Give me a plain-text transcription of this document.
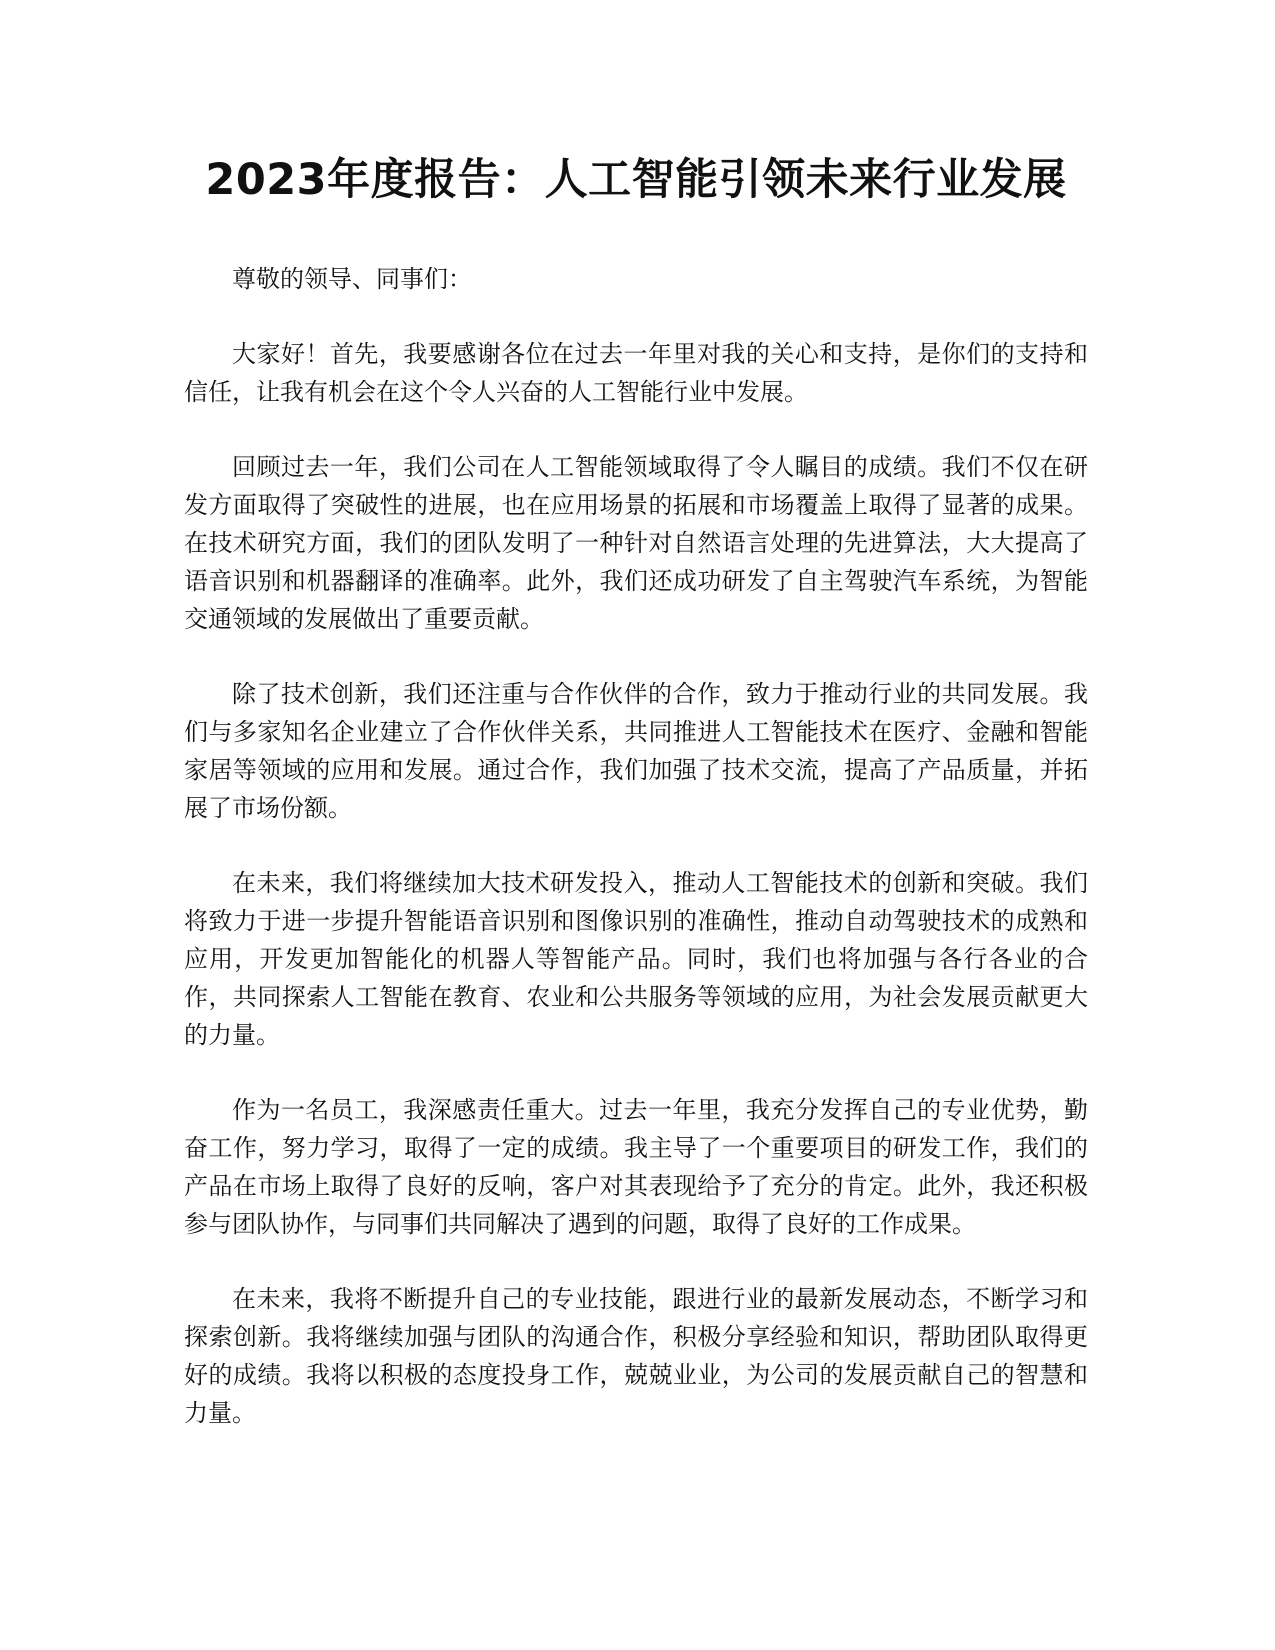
2023年度报告：人工智能引领未来行业发展

尊敬的领导、同事们：

大家好！首先，我要感谢各位在过去一年里对我的关心和支持，是你们的支持和信任，让我有机会在这个令人兴奋的人工智能行业中发展。

回顾过去一年，我们公司在人工智能领域取得了令人瞩目的成绩。我们不仅在研发方面取得了突破性的进展，也在应用场景的拓展和市场覆盖上取得了显著的成果。在技术研究方面，我们的团队发明了一种针对自然语言处理的先进算法，大大提高了语音识别和机器翻译的准确率。此外，我们还成功研发了自主驾驶汽车系统，为智能交通领域的发展做出了重要贡献。

除了技术创新，我们还注重与合作伙伴的合作，致力于推动行业的共同发展。我们与多家知名企业建立了合作伙伴关系，共同推进人工智能技术在医疗、金融和智能家居等领域的应用和发展。通过合作，我们加强了技术交流，提高了产品质量，并拓展了市场份额。

在未来，我们将继续加大技术研发投入，推动人工智能技术的创新和突破。我们将致力于进一步提升智能语音识别和图像识别的准确性，推动自动驾驶技术的成熟和应用，开发更加智能化的机器人等智能产品。同时，我们也将加强与各行各业的合作，共同探索人工智能在教育、农业和公共服务等领域的应用，为社会发展贡献更大的力量。

作为一名员工，我深感责任重大。过去一年里，我充分发挥自己的专业优势，勤奋工作，努力学习，取得了一定的成绩。我主导了一个重要项目的研发工作，我们的产品在市场上取得了良好的反响，客户对其表现给予了充分的肯定。此外，我还积极参与团队协作，与同事们共同解决了遇到的问题，取得了良好的工作成果。

在未来，我将不断提升自己的专业技能，跟进行业的最新发展动态，不断学习和探索创新。我将继续加强与团队的沟通合作，积极分享经验和知识，帮助团队取得更好的成绩。我将以积极的态度投身工作，兢兢业业，为公司的发展贡献自己的智慧和力量。
